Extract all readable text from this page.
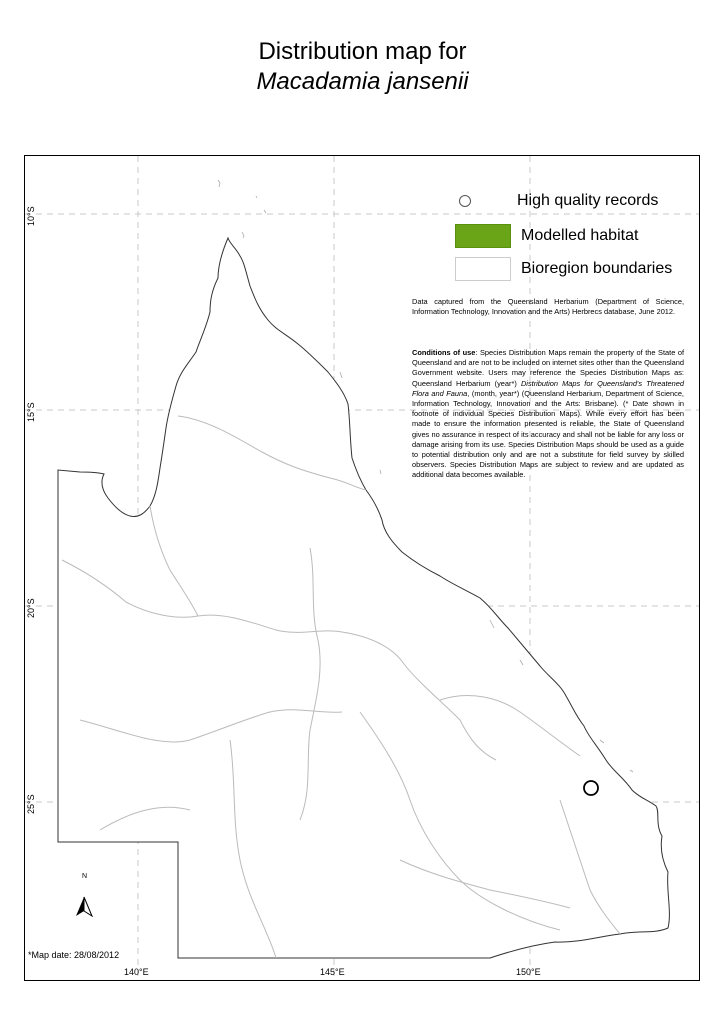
Distribution map for
Macadamia jansenii
10°S
15°S
20°S
25°S
140°E	145°E	150°E
High quality records
Modelled habitat
Bioregion boundaries
Data captured from the Queensland Herbarium (Department of Science, Information Technology, Innovation and the Arts) Herbrecs database, June 2012.
Conditions of use: Species Distribution Maps remain the property of the State of Queensland and are not to be included on internet sites other than the Queensland Government website. Users may reference the Species Distribution Maps as: Queensland Herbarium (year*) Distribution Maps for Queensland's Threatened Flora and Fauna, (month, year*) (Queensland Herbarium, Department of Science, Information Technology, Innovation and the Arts: Brisbane). (* Date shown in footnote of individual Species Distribution Maps). While every effort has been made to ensure the information presented is reliable, the State of Queensland gives no assurance in respect of its accuracy and shall not be liable for any loss or damage arising from its use. Species Distribution Maps should be used as a guide to potential distribution only and are not a substitute for field survey by skilled observers. Species Distribution Maps are subject to review and are updated as additional data becomes available.
N
*Map date: 28/08/2012
